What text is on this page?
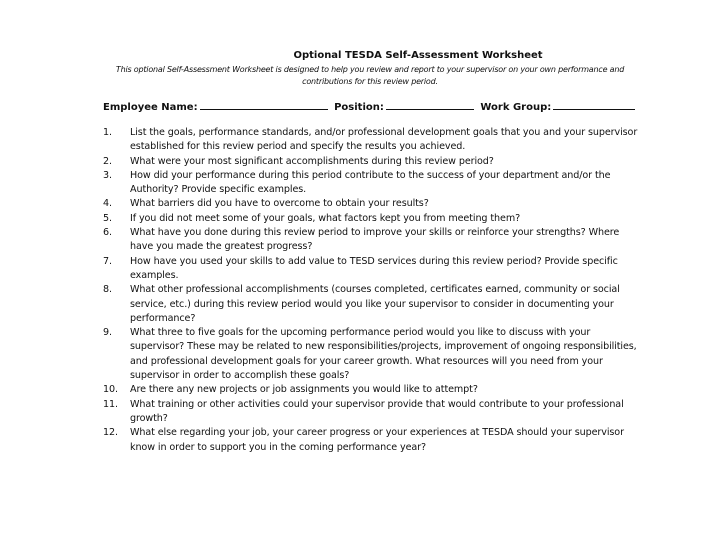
Optional TESDA Self-Assessment Worksheet
This optional Self-Assessment Worksheet is designed to help you review and report to your supervisor on your own performance and contributions for this review period.
Employee Name:	Position:	Work Group:
1. List the goals, performance standards, and/or professional development goals that you and your supervisor established for this review period and specify the results you achieved.
2. What were your most significant accomplishments during this review period?
3. How did your performance during this period contribute to the success of your department and/or the Authority? Provide specific examples.
4. What barriers did you have to overcome to obtain your results?
5. If you did not meet some of your goals, what factors kept you from meeting them?
6. What have you done during this review period to improve your skills or reinforce your strengths? Where have you made the greatest progress?
7. How have you used your skills to add value to TESD services during this review period? Provide specific examples.
8. What other professional accomplishments (courses completed, certificates earned, community or social service, etc.) during this review period would you like your supervisor to consider in documenting your performance?
9. What three to five goals for the upcoming performance period would you like to discuss with your supervisor? These may be related to new responsibilities/projects, improvement of ongoing responsibilities, and professional development goals for your career growth. What resources will you need from your supervisor in order to accomplish these goals?
10. Are there any new projects or job assignments you would like to attempt?
11. What training or other activities could your supervisor provide that would contribute to your professional growth?
12. What else regarding your job, your career progress or your experiences at TESDA should your supervisor know in order to support you in the coming performance year?
